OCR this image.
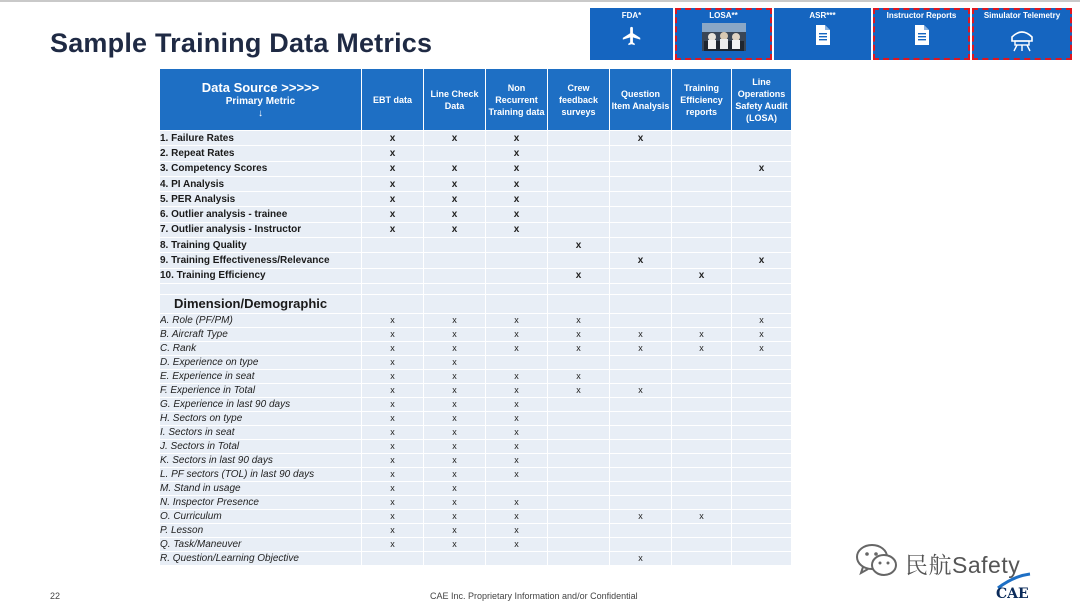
Sample Training Data Metrics
FDA*	LOSA**	ASR***	Instructor Reports	Simulator Telemetry
Data Source >>>>>
Primary Metric
↓	EBT data	Line Check Data	Non Recurrent Training data	Crew feedback surveys	Question Item Analysis	Training Efficiency reports	Line Operations Safety Audit (LOSA)
1. Failure Rates	x	x	x		x		
2. Repeat Rates	x		x				
3. Competency Scores	x	x	x				x
4. PI Analysis	x	x	x				
5. PER Analysis	x	x	x				
6. Outlier analysis - trainee	x	x	x				
7. Outlier analysis - Instructor	x	x	x				
8. Training Quality				x			
9. Training Effectiveness/Relevance					x		x
10. Training Efficiency				x		x	

Dimension/Demographic							
A. Role (PF/PM)	x	x	x	x			x
B. Aircraft Type	x	x	x	x	x	x	x
C. Rank	x	x	x	x	x	x	x
D. Experience on type	x	x					
E. Experience in seat	x	x	x	x			
F. Experience in Total	x	x	x	x	x		
G. Experience in last 90 days	x	x	x				
H. Sectors on type	x	x	x				
I. Sectors in seat	x	x	x				
J. Sectors in Total	x	x	x				
K. Sectors in last 90 days	x	x	x				
L. PF sectors (TOL) in last 90 days	x	x	x				
M. Stand in usage	x	x					
N. Inspector Presence	x	x	x				
O. Curriculum	x	x	x		x	x	
P. Lesson	x	x	x				
Q. Task/Maneuver	x	x	x				
R. Question/Learning Objective					x		
22	CAE Inc. Proprietary Information and/or Confidential
民航Safety
CAE
